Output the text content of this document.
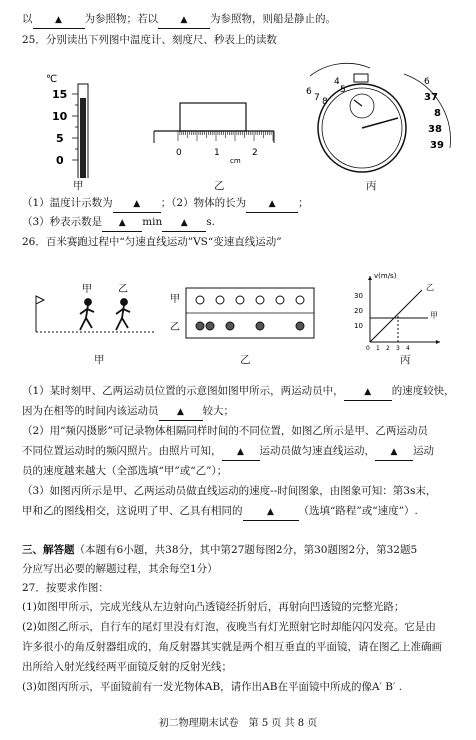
以	▲ 为参照物；若以	▲ 为参照物，则船是静止的。
25．分别读出下列图中温度计、刻度尺、秒表上的读数
℃
15
10
5
0
甲
0	1	2
cm
乙
4
5
6
7 8
6
37
8
38
39
丙
（1）温度计示数为 ▲ ；（2）物体的长为	▲ ；
（3）秒表示数是 ▲ min ▲ s.
26．百米赛跑过程中“匀速直线运动”VS“变速直线运动”
甲	乙
甲
甲
乙
乙
v(m/s)
30
20
10
0 1 2 3 4
乙
甲
丙
（1）某时刻甲、乙两运动员位置的示意图如图甲所示，两运动员中， ▲ 的速度较快，
因为在相等的时间内该运动员 ▲ 较大；
（2）用“频闪摄影”可记录物体相隔同样时间的不同位置，如图乙所示是甲、乙两运动员
不同位置运动时的频闪照片。由照片可知， ▲ 运动员做匀速直线运动， ▲ 运动
员的速度越来越大（全部选填“甲”或“乙”）；
（3）如图丙所示是甲、乙两运动员做直线运动的速度--时间图象，由图象可知：第3s末，
甲和乙的图线相交，这说明了甲、乙具有相同的	▲ （选填“路程”或“速度”）.
三、解答题（本题有6小题，共38分，其中第27题每图2分，第30题图2分，第32题5
分应写出必要的解题过程，其余每空1分）
27．按要求作图：
(1)如图甲所示，完成光线从左边射向凸透镜经折射后，再射向凹透镜的完整光路；
(2)如图乙所示，自行车的尾灯里没有灯泡，夜晚当有灯光照射它时却能闪闪发亮。它是由
许多很小的角反射器组成的，角反射器其实就是两个相互垂直的平面镜，请在图乙上准确画
出所给入射光线经两平面镜反射的反射光线；
(3)如图丙所示，平面镜前有一发光物体AB，请作出AB在平面镜中所成的像A′ B′ .
初二物理期末试卷　第 5 页 共 8 页
